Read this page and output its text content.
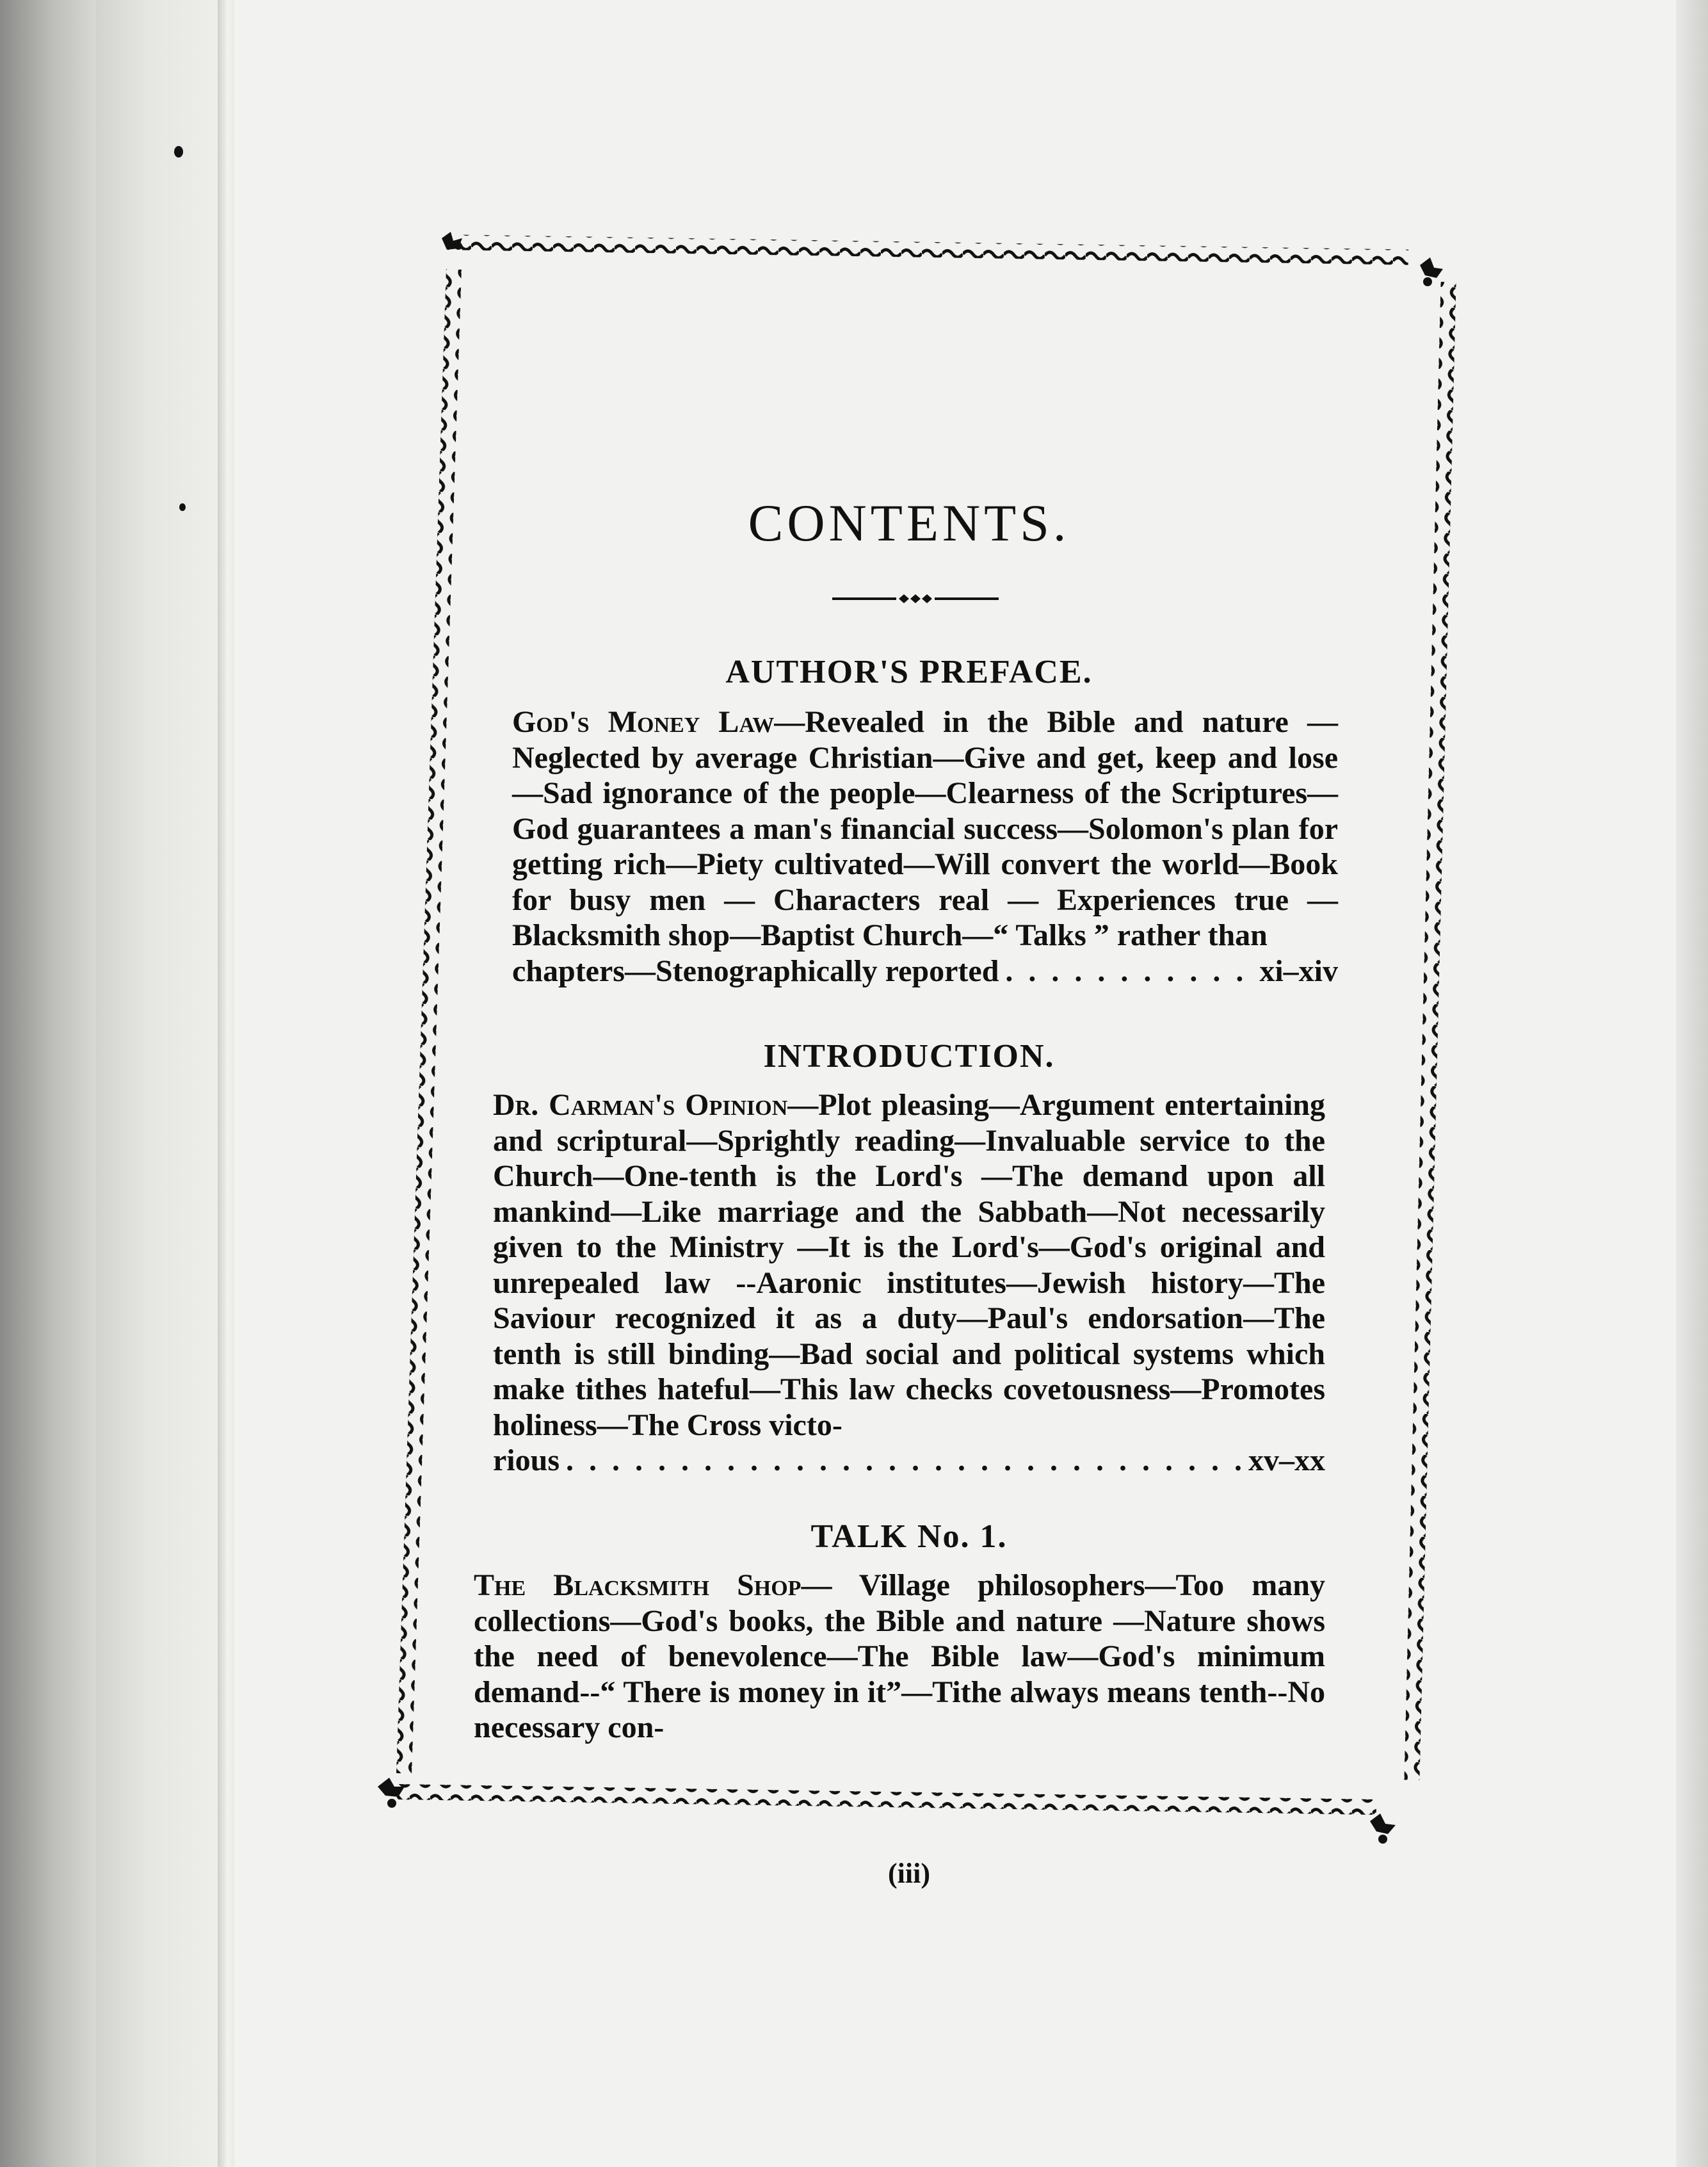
CONTENTS.
AUTHOR'S PREFACE.
God's Money Law—Revealed in the Bible and nature —Neglected by average Christian—Give and get, keep and lose—Sad ignorance of the people—Clearness of the Scriptures—God guarantees a man's financial success—Solomon's plan for getting rich—Piety cultivated—Will convert the world—Book for busy men — Characters real — Experiences true — Blacksmith shop—Baptist Church—“ Talks ” rather than
chapters—Stenographically reported . . .	xi–xiv
INTRODUCTION.
Dr. Carman's Opinion—Plot pleasing—Argument entertaining and scriptural—Sprightly reading—Invaluable service to the Church—One-tenth is the Lord's —The demand upon all mankind—Like marriage and the Sabbath—Not necessarily given to the Ministry —It is the Lord's—God's original and unrepealed law --Aaronic institutes—Jewish history—The Saviour recognized it as a duty—Paul's endorsation—The tenth is still binding—Bad social and political systems which make tithes hateful—This law checks covetousness—Promotes holiness—The Cross victo-
rious . . .	xv–xx
TALK No. 1.
The Blacksmith Shop— Village philosophers—Too many collections—God's books, the Bible and nature —Nature shows the need of benevolence—The Bible law—God's minimum demand--“ There is money in it”—Tithe always means tenth--No necessary con-
(iii)
